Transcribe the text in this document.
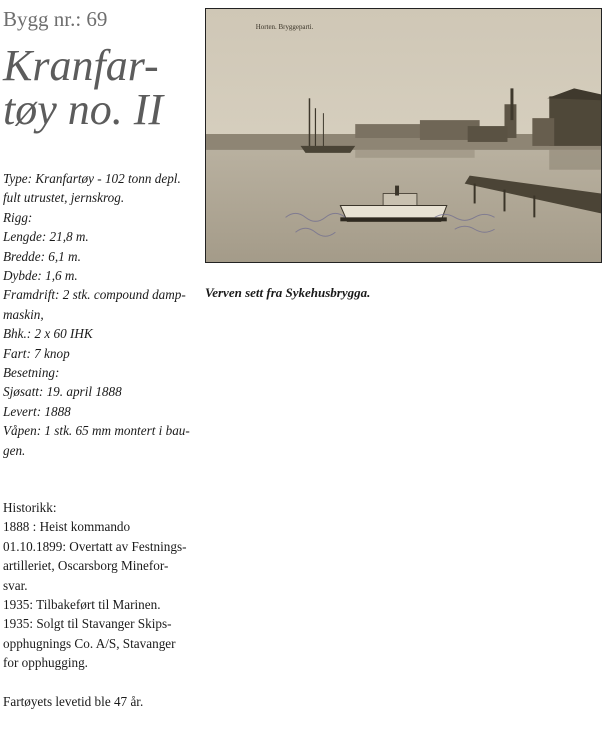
Bygg nr.: 69
Kranfar-
tøy no. II
Type: Kranfartøy - 102 tonn depl.
fult utrustet, jernskrog.
Rigg:
Lengde: 21,8 m.
Bredde: 6,1 m.
Dybde: 1,6 m.
Framdrift: 2 stk. compound damp-
maskin,
Bhk.: 2 x 60 IHK
Fart: 7 knop
Besetning:
Sjøsatt: 19. april 1888
Levert: 1888
Våpen: 1 stk. 65 mm montert i bau-
gen.
Historikk:
1888 : Heist kommando
01.10.1899: Overtatt av Festnings-
artilleriet, Oscarsborg Minefor-
svar.
1935: Tilbakeført til Marinen.
1935: Solgt til Stavanger Skips-
opphugnings Co. A/S, Stavanger
for opphugging.
Fartøyets levetid ble 47 år.
Horten. Bryggeparti.
Verven sett fra Sykehusbrygga.
